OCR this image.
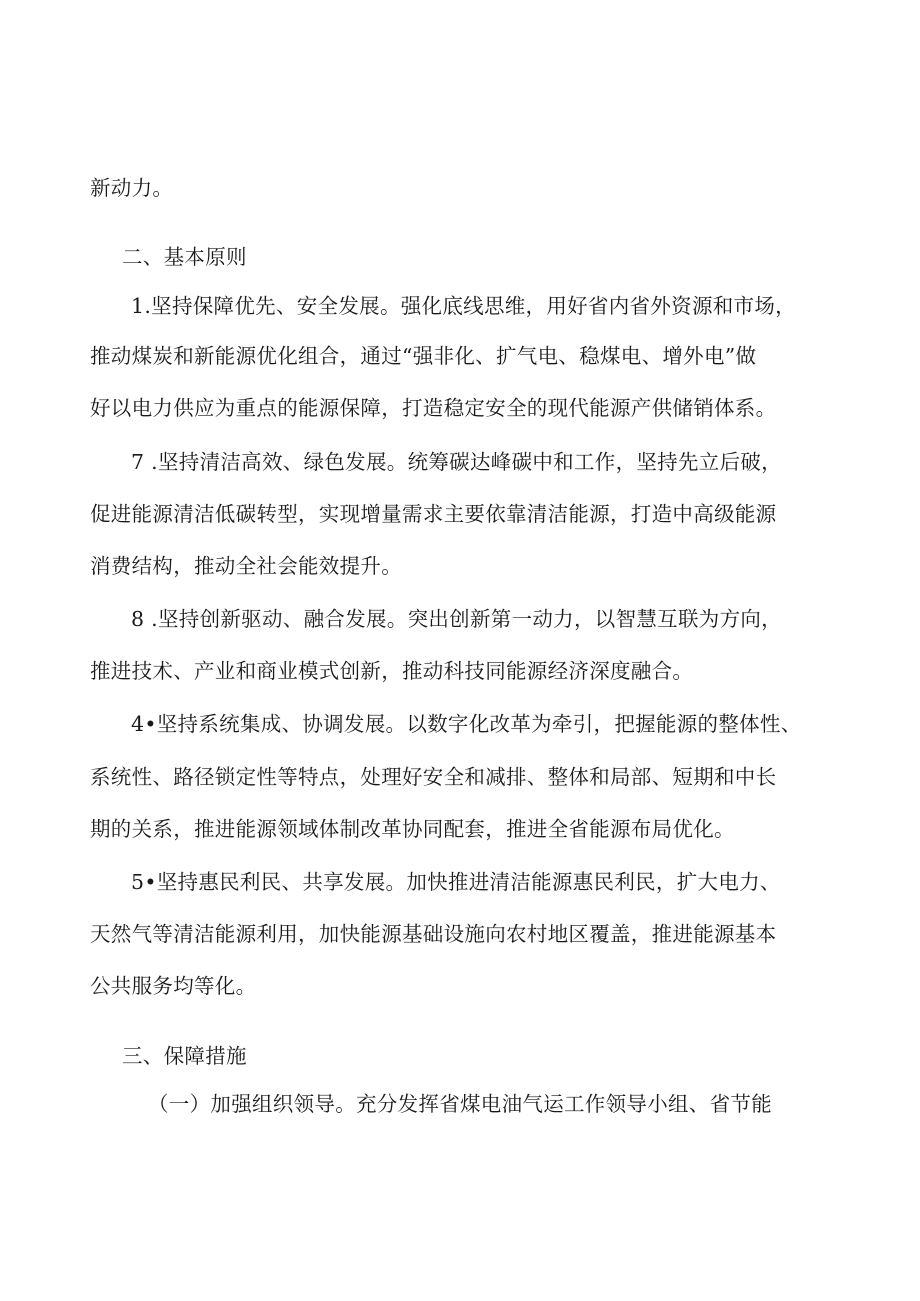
新动力。
二、基本原则
1.坚持保障优先、安全发展。强化底线思维，用好省内省外资源和市场，
推动煤炭和新能源优化组合，通过“强非化、扩气电、稳煤电、增外电”做
好以电力供应为重点的能源保障，打造稳定安全的现代能源产供储销体系。
7 .坚持清洁高效、绿色发展。统筹碳达峰碳中和工作，坚持先立后破，
促进能源清洁低碳转型，实现增量需求主要依靠清洁能源，打造中高级能源
消费结构，推动全社会能效提升。
8 .坚持创新驱动、融合发展。突出创新第一动力，以智慧互联为方向，
推进技术、产业和商业模式创新，推动科技同能源经济深度融合。
4•坚持系统集成、协调发展。以数字化改革为牵引，把握能源的整体性、
系统性、路径锁定性等特点，处理好安全和减排、整体和局部、短期和中长
期的关系，推进能源领域体制改革协同配套，推进全省能源布局优化。
5•坚持惠民利民、共享发展。加快推进清洁能源惠民利民，扩大电力、
天然气等清洁能源利用，加快能源基础设施向农村地区覆盖，推进能源基本
公共服务均等化。
三、保障措施
（一）加强组织领导。充分发挥省煤电油气运工作领导小组、省节能
